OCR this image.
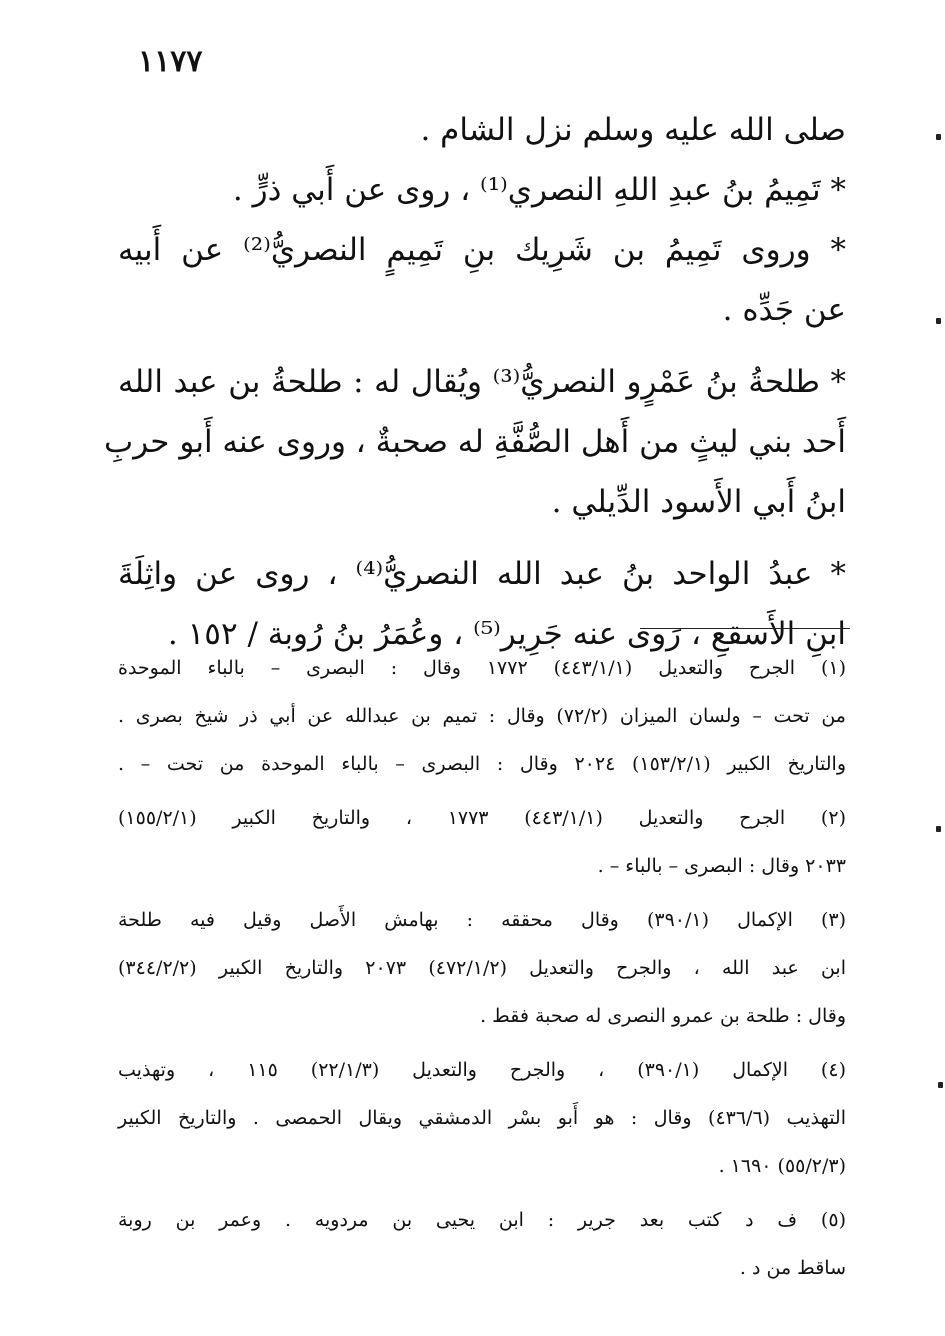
١١٧٧
صلى الله عليه وسلم نزل الشام .
* تَمِيمُ بنُ عبدِ اللهِ النصري⁽¹⁾ ، روى عن أَبي ذرٍّ .
* وروى تَمِيمُ بن شَرِيك بنِ تَمِيمٍ النصريُّ⁽²⁾ عن أَبيه
عن جَدِّه .
* طلحةُ بنُ عَمْرٍو النصريُّ⁽³⁾ ويُقال له : طلحةُ بن عبد الله
أَحد بني ليثٍ من أَهل الصُّفَّةِ له صحبةٌ ، وروى عنه أَبو حربِ
ابنُ أَبي الأَسود الدِّيلي .
* عبدُ الواحد بنُ عبد الله النصريُّ⁽⁴⁾ ، روى عن واثِلَةَ
ابنِ الأَسقعِ ، رَوى عنه جَرِير⁽⁵⁾ ، وعُمَرُ بنُ رُوبة / ١٥٢ .
(١) الجرح والتعديل (٤٤٣/١/١) ١٧٧٢ وقال : البصرى – بالباء الموحدة
من تحت – ولسان الميزان (٧٢/٢) وقال : تميم بن عبدالله عن أبي ذر شيخ بصرى .
والتاريخ الكبير (١٥٣/٢/١) ٢٠٢٤ وقال : البصرى – بالباء الموحدة من تحت – .
(٢) الجرح والتعديل (٤٤٣/١/١) ١٧٧٣ ، والتاريخ الكبير (١٥٥/٢/١)
٢٠٣٣ وقال : البصرى – بالباء – .
(٣) الإكمال (٣٩٠/١) وقال محققه : بهامش الأَصل وقيل فيه طلحة
ابن عبد الله ، والجرح والتعديل (٤٧٢/١/٢) ٢٠٧٣ والتاريخ الكبير (٣٤٤/٢/٢)
وقال : طلحة بن عمرو النصرى له صحبة فقط .
(٤) الإكمال (٣٩٠/١) ، والجرح والتعديل (٢٢/١/٣) ١١٥ ، وتهذيب
التهذيب (٤٣٦/٦) وقال : هو أَبو بسْر الدمشقي ويقال الحمصى . والتاريخ الكبير
(٥٥/٢/٣) ١٦٩٠ .
(٥) ف د كتب بعد جرير : ابن يحيى بن مردويه . وعمر بن روبة
ساقط من د .
